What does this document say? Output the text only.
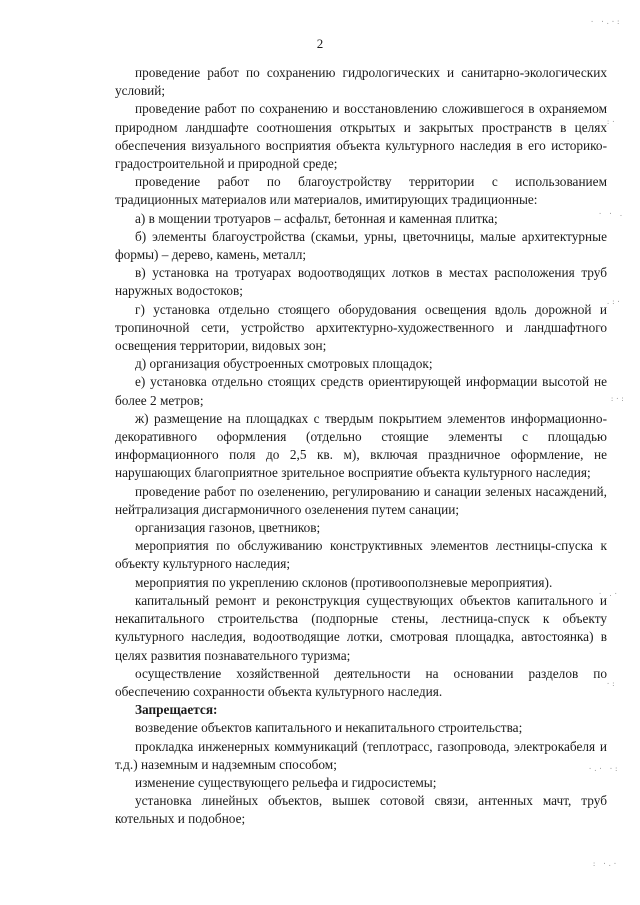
2

проведение работ по сохранению гидрологических и санитарно-экологических условий;

проведение работ по сохранению и восстановлению сложившегося в охраняемом природном ландшафте соотношения открытых и закрытых пространств в целях обеспечения визуального восприятия объекта культурного наследия в его историко-градостроительной и природной среде;

проведение работ по благоустройству территории с использованием традиционных материалов или материалов, имитирующих традиционные:

а) в мощении тротуаров – асфальт, бетонная и каменная плитка;

б) элементы благоустройства (скамьи, урны, цветочницы, малые архитектурные формы) – дерево, камень, металл;

в) установка на тротуарах водоотводящих лотков в местах расположения труб наружных водостоков;

г) установка отдельно стоящего оборудования освещения вдоль дорожной и тропиночной сети, устройство архитектурно-художественного и ландшафтного освещения территории, видовых зон;

д) организация обустроенных смотровых площадок;

е) установка отдельно стоящих средств ориентирующей информации высотой не более 2 метров;

ж) размещение на площадках с твердым покрытием элементов информационно-декоративного оформления (отдельно стоящие элементы с площадью информационного поля до 2,5 кв. м), включая праздничное оформление, не нарушающих благоприятное зрительное восприятие объекта культурного наследия;

проведение работ по озеленению, регулированию и санации зеленых насаждений, нейтрализация дисгармоничного озеленения путем санации;

организация газонов, цветников;

мероприятия по обслуживанию конструктивных элементов лестницы-спуска к объекту культурного наследия;

мероприятия по укреплению склонов (противооползневые мероприятия).

капитальный ремонт и реконструкция существующих объектов капитального и некапитального строительства (подпорные стены, лестница-спуск к объекту культурного наследия, водоотводящие лотки, смотровая площадка, автостоянка) в целях развития познавательного туризма;

осуществление хозяйственной деятельности на основании разделов по обеспечению сохранности объекта культурного наследия.

Запрещается:

возведение объектов капитального и некапитального строительства;

прокладка инженерных коммуникаций (теплотрасс, газопровода, электрокабеля и т.д.) наземным и надземным способом;

изменение существующего рельефа и гидросистемы;

установка линейных объектов, вышек сотовой связи, антенных мачт, труб котельных и подобное;

· ·.·:
:·
· · .
.:·
:·:
· .·
·:
·.· ·:
: ·.·
